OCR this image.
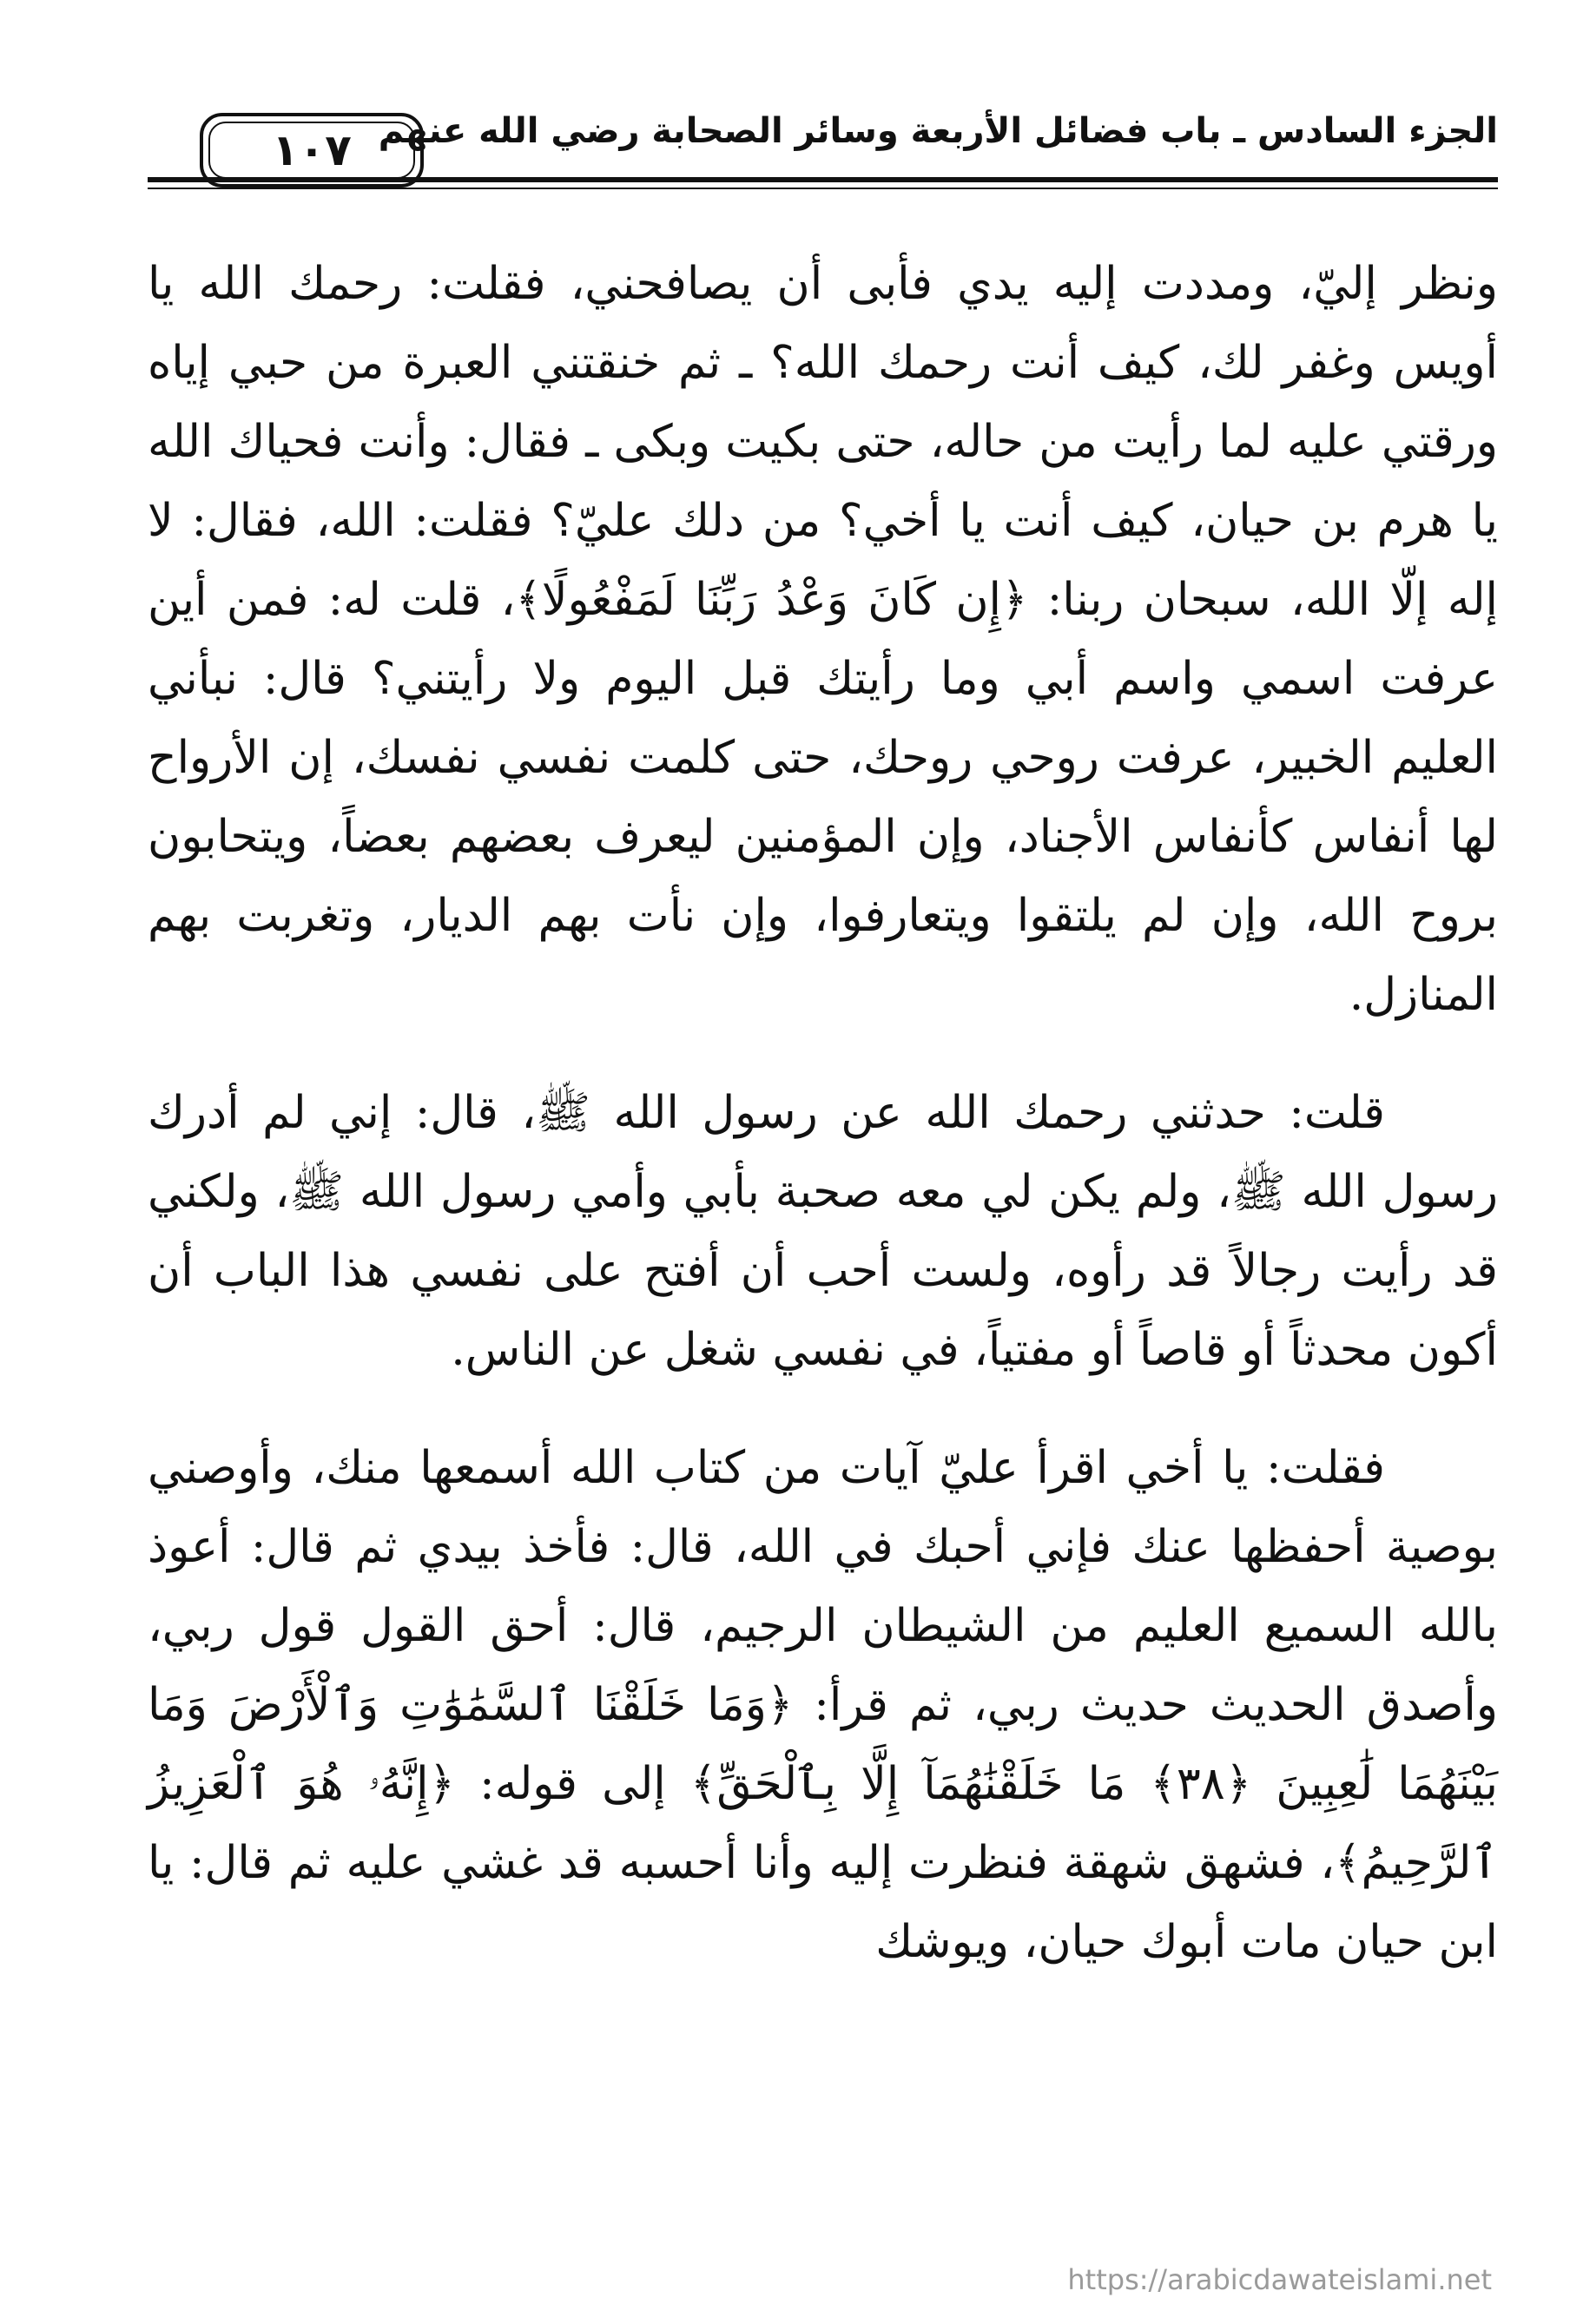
الجزء السادس ـ باب فضائل الأربعة وسائر الصحابة رضي الله عنهم
١٠٧

ونظر إليّ، ومددت إليه يدي فأبى أن يصافحني، فقلت: رحمك الله يا أويس وغفر لك، كيف أنت رحمك الله؟ ـ ثم خنقتني العبرة من حبي إياه ورقتي عليه لما رأيت من حاله، حتى بكيت وبكى ـ فقال: وأنت فحياك الله يا هرم بن حيان، كيف أنت يا أخي؟ من دلك عليّ؟ فقلت: الله، فقال: لا إله إلّا الله، سبحان ربنا: ﴿إِن كَانَ وَعْدُ رَبِّنَا لَمَفْعُولًا﴾، قلت له: فمن أين عرفت اسمي واسم أبي وما رأيتك قبل اليوم ولا رأيتني؟ قال: نبأني العليم الخبير، عرفت روحي روحك، حتى كلمت نفسي نفسك، إن الأرواح لها أنفاس كأنفاس الأجناد، وإن المؤمنين ليعرف بعضهم بعضاً، ويتحابون بروح الله، وإن لم يلتقوا ويتعارفوا، وإن نأت بهم الديار، وتغربت بهم المنازل.

قلت: حدثني رحمك الله عن رسول الله ﷺ، قال: إني لم أدرك رسول الله ﷺ، ولم يكن لي معه صحبة بأبي وأمي رسول الله ﷺ، ولكني قد رأيت رجالاً قد رأوه، ولست أحب أن أفتح على نفسي هذا الباب أن أكون محدثاً أو قاصاً أو مفتياً، في نفسي شغل عن الناس.

فقلت: يا أخي اقرأ عليّ آيات من كتاب الله أسمعها منك، وأوصني بوصية أحفظها عنك فإني أحبك في الله، قال: فأخذ بيدي ثم قال: أعوذ بالله السميع العليم من الشيطان الرجيم، قال: أحق القول قول ربي، وأصدق الحديث حديث ربي، ثم قرأ: ﴿وَمَا خَلَقْنَا ٱلسَّمَٰوَٰتِ وَٱلْأَرْضَ وَمَا بَيْنَهُمَا لَٰعِبِينَ ﴿٣٨﴾ مَا خَلَقْنَٰهُمَآ إِلَّا بِٱلْحَقِّ﴾ إلى قوله: ﴿إِنَّهُۥ هُوَ ٱلْعَزِيزُ ٱلرَّحِيمُ﴾، فشهق شهقة فنظرت إليه وأنا أحسبه قد غشي عليه ثم قال: يا ابن حيان مات أبوك حيان، ويوشك

https://arabicdawateislami.net
